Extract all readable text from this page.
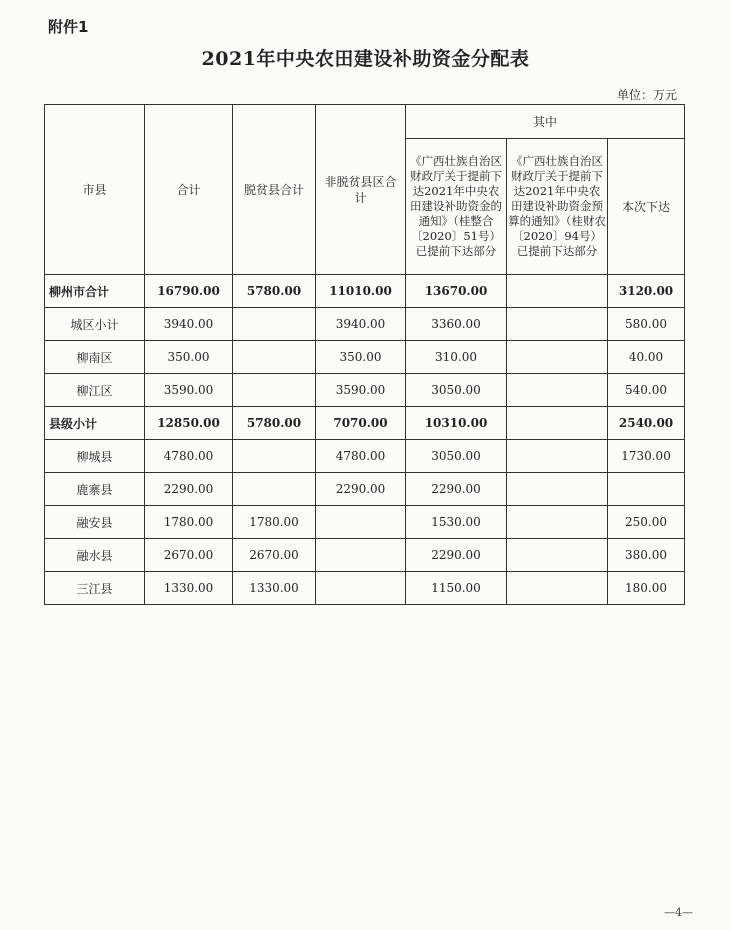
附件1
2021年中央农田建设补助资金分配表
单位：万元
市县	合计	脱贫县合计	非脱贫县区合计	其中		
				《广西壮族自治区财政厅关于提前下达2021年中央农田建设补助资金的通知》（桂整合〔2020〕51号）已提前下达部分	《广西壮族自治区财政厅关于提前下达2021年中央农田建设补助资金预算的通知》（桂财农〔2020〕94号）已提前下达部分	本次下达
柳州市合计	16790.00	5780.00	11010.00	13670.00		3120.00
城区小计	3940.00		3940.00	3360.00		580.00
柳南区	350.00		350.00	310.00		40.00
柳江区	3590.00		3590.00	3050.00		540.00
县级小计	12850.00	5780.00	7070.00	10310.00		2540.00
柳城县	4780.00		4780.00	3050.00		1730.00
鹿寨县	2290.00		2290.00	2290.00		
融安县	1780.00	1780.00		1530.00		250.00
融水县	2670.00	2670.00		2290.00		380.00
三江县	1330.00	1330.00		1150.00		180.00
—4—
